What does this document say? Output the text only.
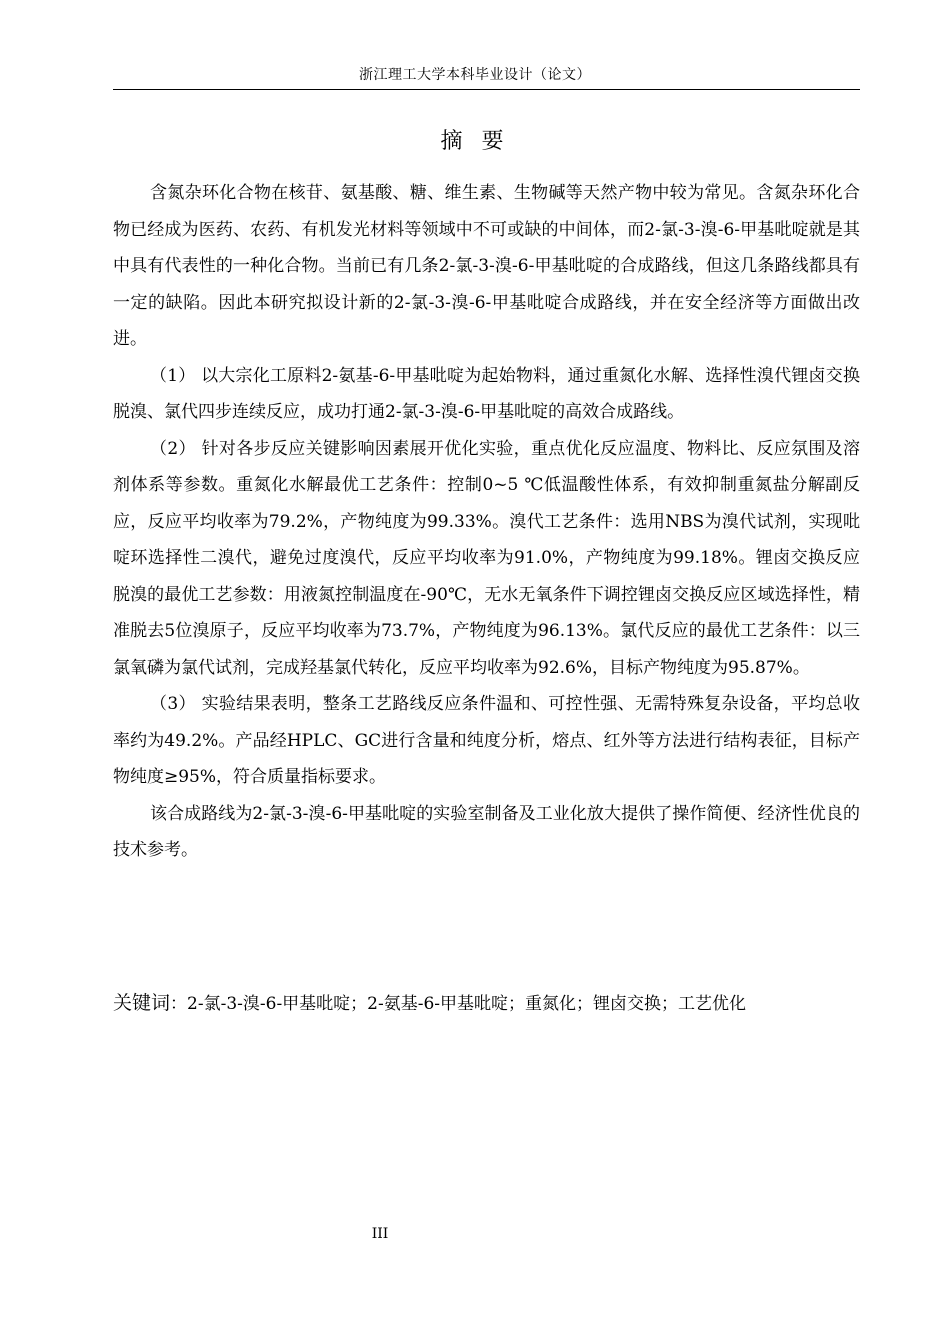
浙江理工大学本科毕业设计（论文）
摘 要

含氮杂环化合物在核苷、氨基酸、糖、维生素、生物碱等天然产物中较为常见。含氮杂环化合物已经成为医药、农药、有机发光材料等领域中不可或缺的中间体，而2-氯-3-溴-6-甲基吡啶就是其中具有代表性的一种化合物。当前已有几条2-氯-3-溴-6-甲基吡啶的合成路线，但这几条路线都具有一定的缺陷。因此本研究拟设计新的2-氯-3-溴-6-甲基吡啶合成路线，并在安全经济等方面做出改进。

（1） 以大宗化工原料2-氨基-6-甲基吡啶为起始物料，通过重氮化水解、选择性溴代锂卤交换脱溴、氯代四步连续反应，成功打通2-氯-3-溴-6-甲基吡啶的高效合成路线。

（2） 针对各步反应关键影响因素展开优化实验，重点优化反应温度、物料比、反应氛围及溶剂体系等参数。重氮化水解最优工艺条件：控制0~5 ℃低温酸性体系，有效抑制重氮盐分解副反应，反应平均收率为79.2%，产物纯度为99.33%。溴代工艺条件：选用NBS为溴代试剂，实现吡啶环选择性二溴代，避免过度溴代，反应平均收率为91.0%，产物纯度为99.18%。锂卤交换反应脱溴的最优工艺参数：用液氮控制温度在-90℃，无水无氧条件下调控锂卤交换反应区域选择性，精准脱去5位溴原子，反应平均收率为73.7%，产物纯度为96.13%。氯代反应的最优工艺条件：以三氯氧磷为氯代试剂，完成羟基氯代转化，反应平均收率为92.6%，目标产物纯度为95.87%。

（3） 实验结果表明，整条工艺路线反应条件温和、可控性强、无需特殊复杂设备，平均总收率约为49.2%。产品经HPLC、GC进行含量和纯度分析，熔点、红外等方法进行结构表征，目标产物纯度≥95%，符合质量指标要求。

该合成路线为2-氯-3-溴-6-甲基吡啶的实验室制备及工业化放大提供了操作简便、经济性优良的技术参考。

关键词：2-氯-3-溴-6-甲基吡啶；2-氨基-6-甲基吡啶；重氮化；锂卤交换；工艺优化
III
